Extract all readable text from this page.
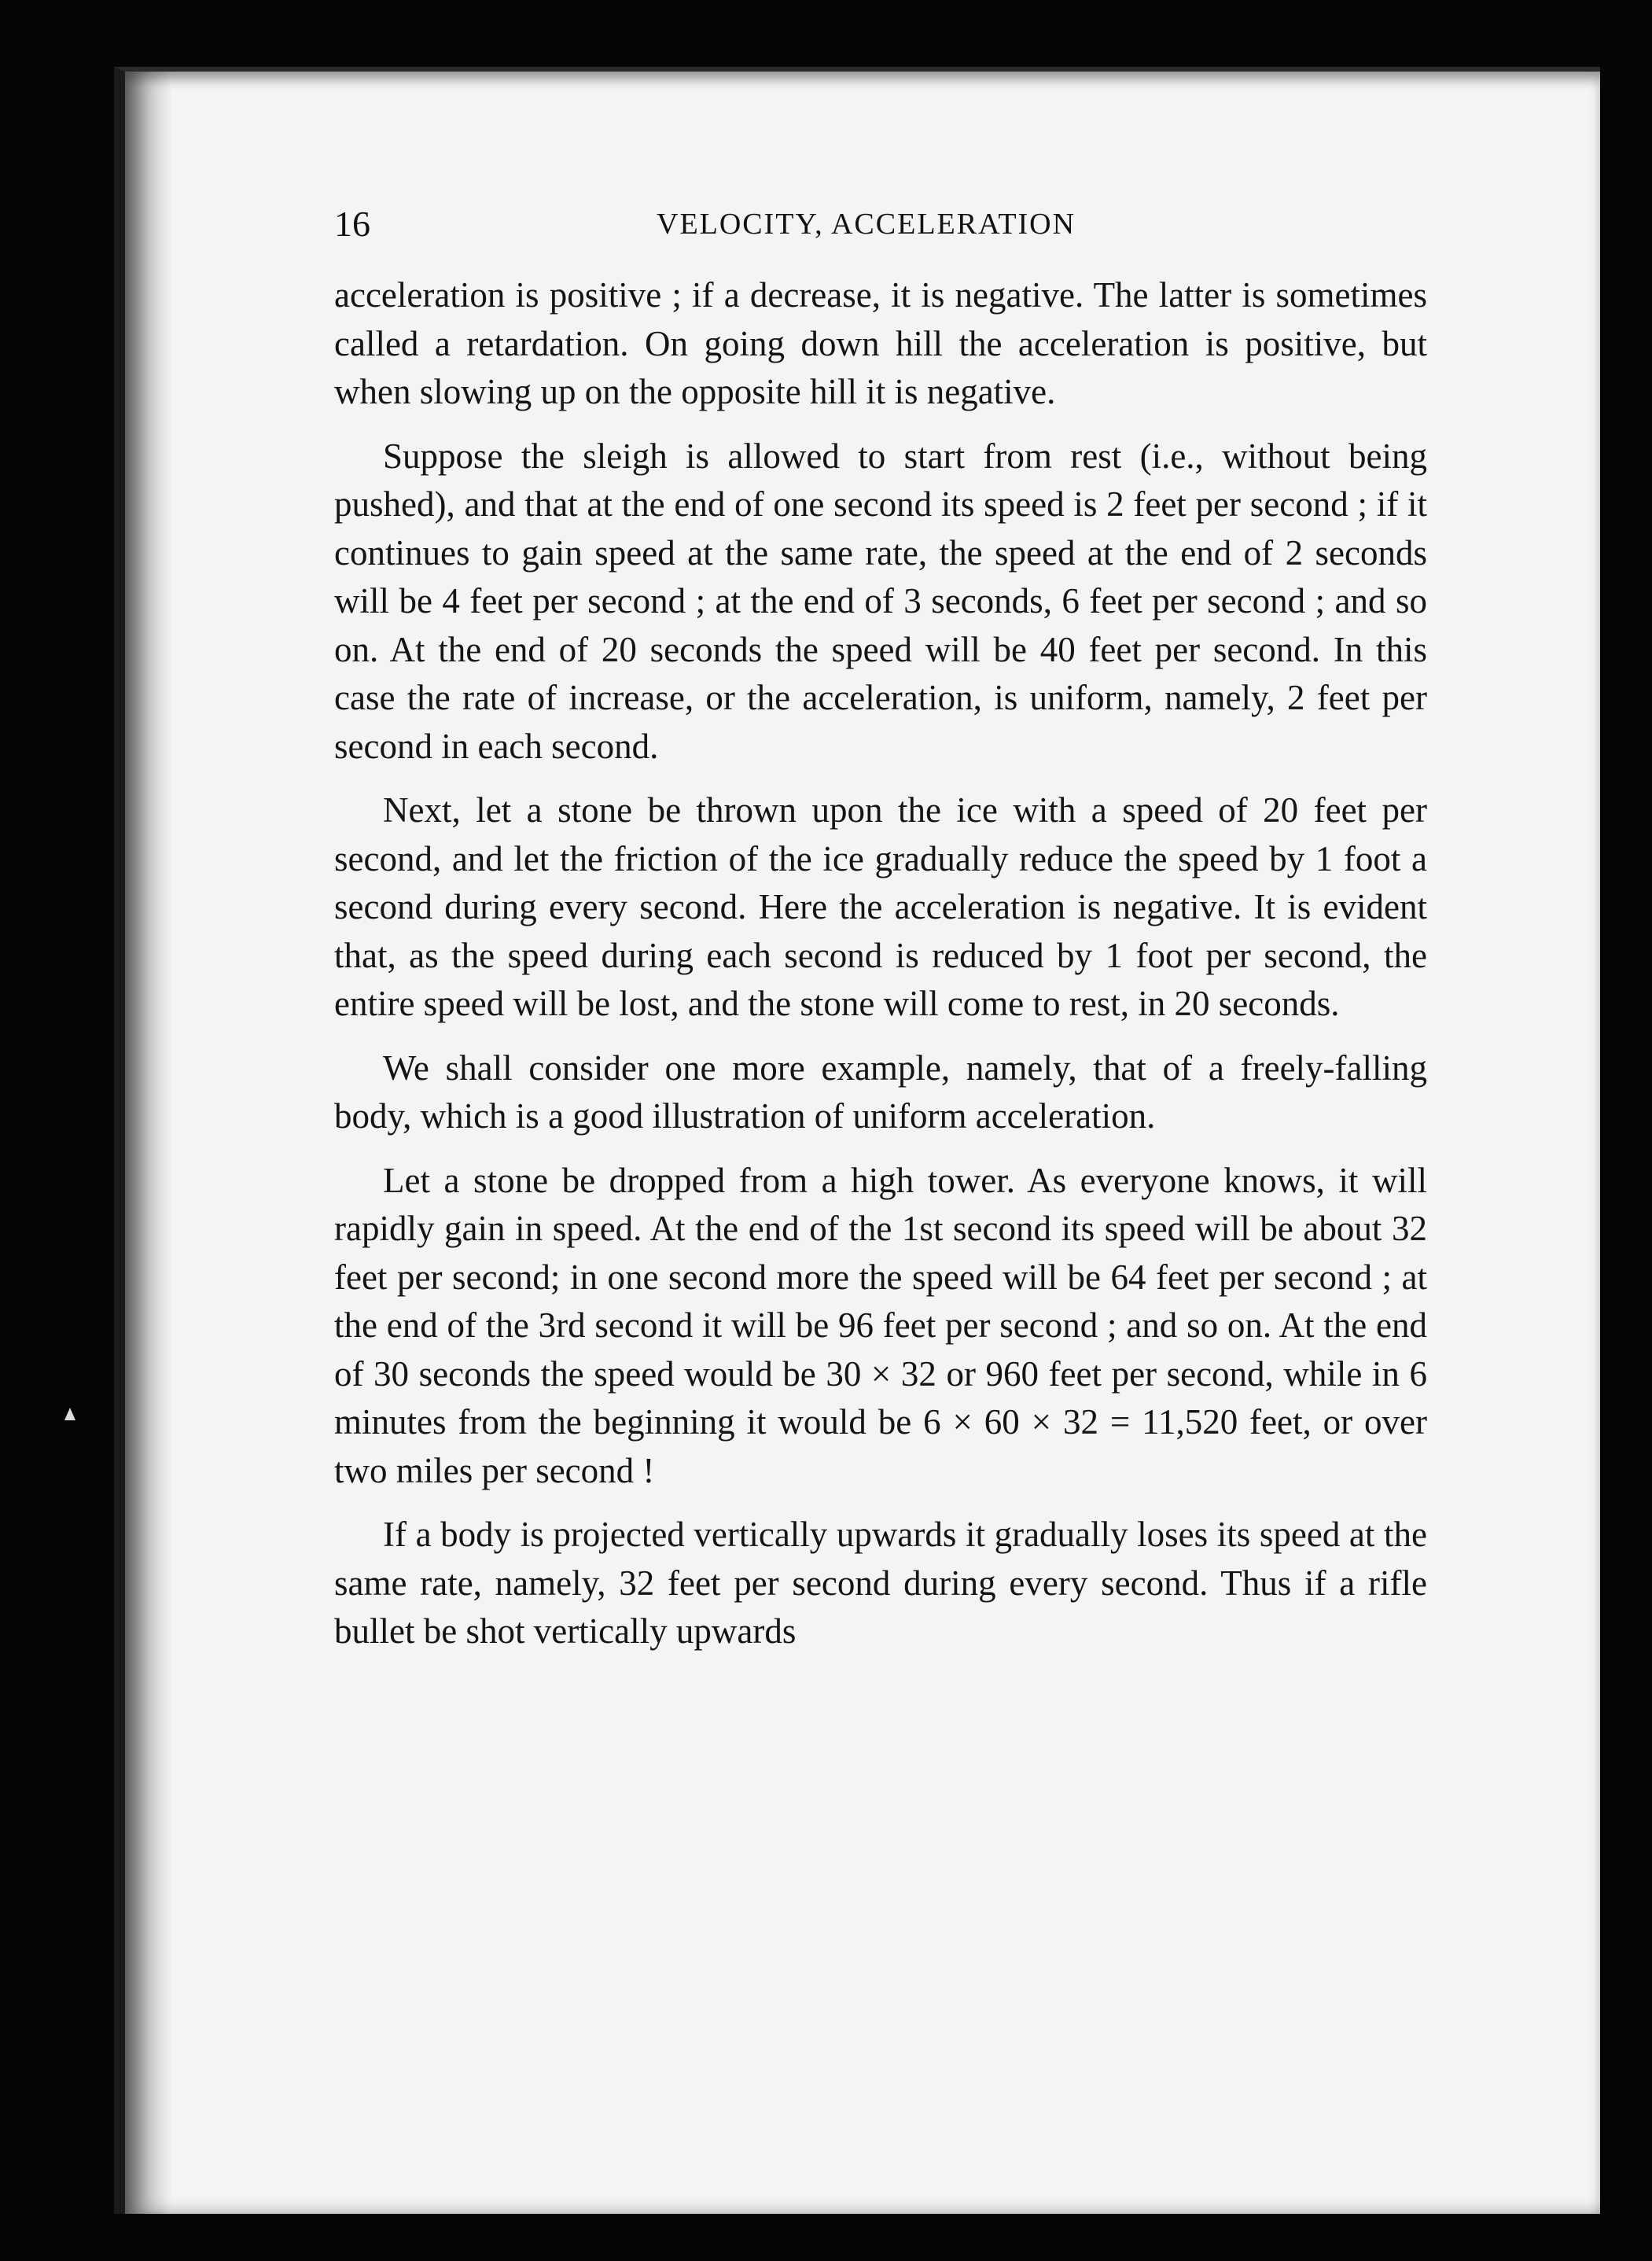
16	VELOCITY, ACCELERATION

acceleration is positive ; if a decrease, it is negative. The latter is sometimes called a retardation. On going down hill the acceleration is positive, but when slowing up on the opposite hill it is negative.

Suppose the sleigh is allowed to start from rest (i.e., without being pushed), and that at the end of one second its speed is 2 feet per second ; if it continues to gain speed at the same rate, the speed at the end of 2 seconds will be 4 feet per second ; at the end of 3 seconds, 6 feet per second ; and so on. At the end of 20 seconds the speed will be 40 feet per second. In this case the rate of increase, or the acceleration, is uniform, namely, 2 feet per second in each second.

Next, let a stone be thrown upon the ice with a speed of 20 feet per second, and let the friction of the ice gradually reduce the speed by 1 foot a second during every second. Here the acceleration is negative. It is evident that, as the speed during each second is reduced by 1 foot per second, the entire speed will be lost, and the stone will come to rest, in 20 seconds.

We shall consider one more example, namely, that of a freely-falling body, which is a good illustration of uniform acceleration.

Let a stone be dropped from a high tower. As everyone knows, it will rapidly gain in speed. At the end of the 1st second its speed will be about 32 feet per second; in one second more the speed will be 64 feet per second ; at the end of the 3rd second it will be 96 feet per second ; and so on. At the end of 30 seconds the speed would be 30 × 32 or 960 feet per second, while in 6 minutes from the beginning it would be 6 × 60 × 32 = 11,520 feet, or over two miles per second !

If a body is projected vertically upwards it gradually loses its speed at the same rate, namely, 32 feet per second during every second. Thus if a rifle bullet be shot vertically upwards
